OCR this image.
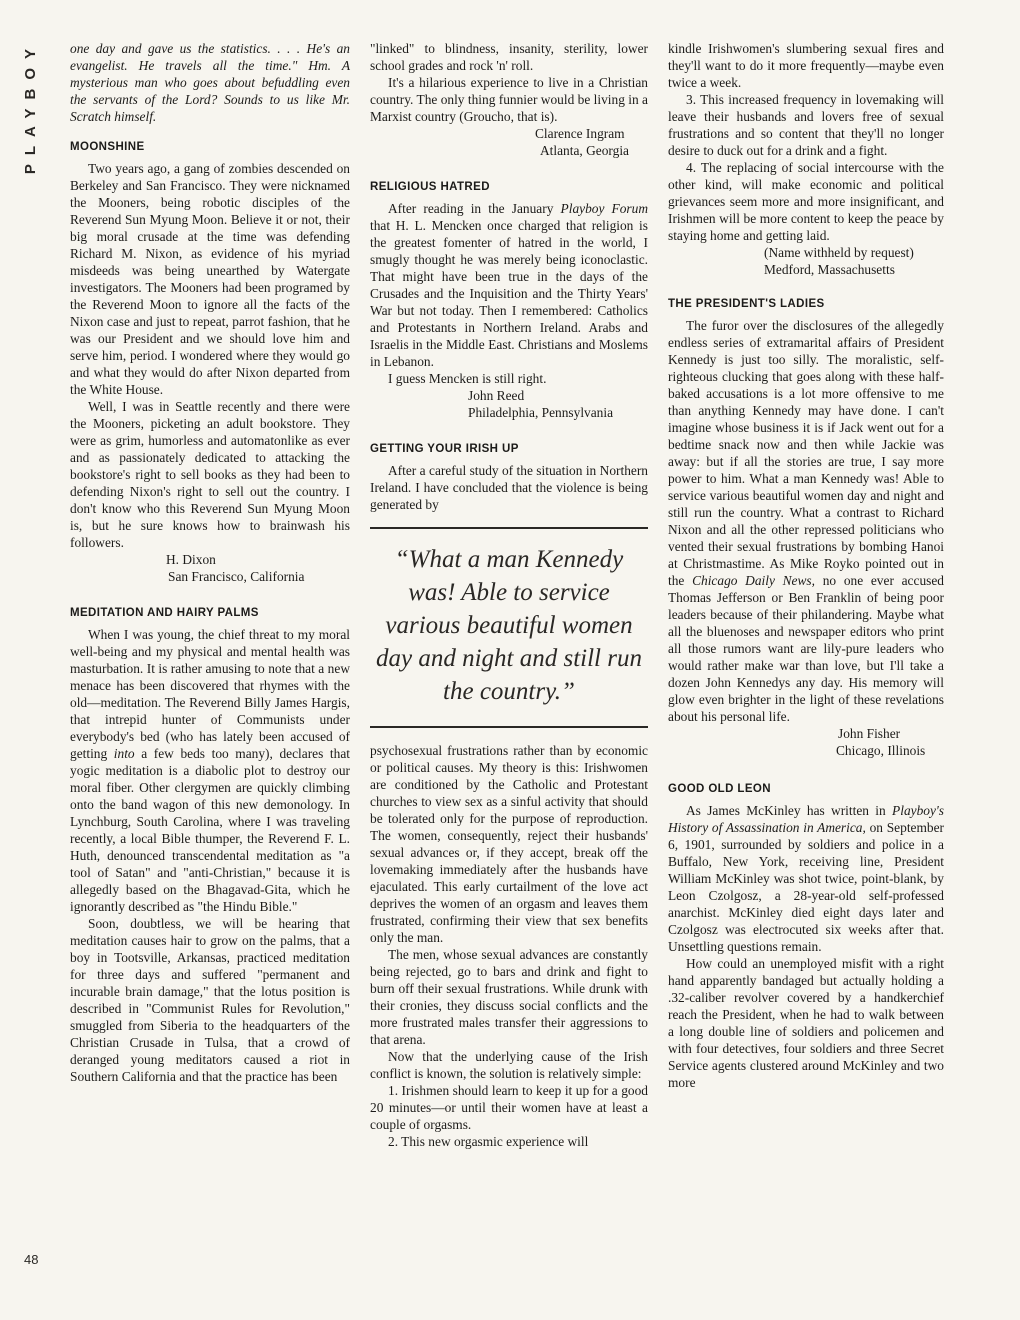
PLAYBOY
48

one day and gave us the statistics. . . . He's an evangelist. He travels all the time." Hm. A mysterious man who goes about befuddling even the servants of the Lord? Sounds to us like Mr. Scratch himself.

MOONSHINE

Two years ago, a gang of zombies descended on Berkeley and San Francisco. They were nicknamed the Mooners, being robotic disciples of the Reverend Sun Myung Moon. Believe it or not, their big moral crusade at the time was defending Richard M. Nixon, as evidence of his myriad misdeeds was being unearthed by Watergate investigators. The Mooners had been programed by the Reverend Moon to ignore all the facts of the Nixon case and just to repeat, parrot fashion, that he was our President and we should love him and serve him, period. I wondered where they would go and what they would do after Nixon departed from the White House.

Well, I was in Seattle recently and there were the Mooners, picketing an adult bookstore. They were as grim, humorless and automatonlike as ever and as passionately dedicated to attacking the bookstore's right to sell books as they had been to defending Nixon's right to sell out the country. I don't know who this Reverend Sun Myung Moon is, but he sure knows how to brainwash his followers.

H. Dixon
San Francisco, California
MEDITATION AND HAIRY PALMS

When I was young, the chief threat to my moral well-being and my physical and mental health was masturbation. It is rather amusing to note that a new menace has been discovered that rhymes with the old—meditation. The Reverend Billy James Hargis, that intrepid hunter of Communists under everybody's bed (who has lately been accused of getting into a few beds too many), declares that yogic meditation is a diabolic plot to destroy our moral fiber. Other clergymen are quickly climbing onto the band wagon of this new demonology. In Lynchburg, South Carolina, where I was traveling recently, a local Bible thumper, the Reverend F. L. Huth, denounced transcendental meditation as "a tool of Satan" and "anti-Christian," because it is allegedly based on the Bhagavad-Gita, which he ignorantly described as "the Hindu Bible."

Soon, doubtless, we will be hearing that meditation causes hair to grow on the palms, that a boy in Tootsville, Arkansas, practiced meditation for three days and suffered "permanent and incurable brain damage," that the lotus position is described in "Communist Rules for Revolution," smuggled from Siberia to the headquarters of the Christian Crusade in Tulsa, that a crowd of deranged young meditators caused a riot in Southern California and that the practice has been

"linked" to blindness, insanity, sterility, lower school grades and rock 'n' roll.

It's a hilarious experience to live in a Christian country. The only thing funnier would be living in a Marxist country (Groucho, that is).

Clarence Ingram
Atlanta, Georgia
RELIGIOUS HATRED

After reading in the January Playboy Forum that H. L. Mencken once charged that religion is the greatest fomenter of hatred in the world, I smugly thought he was merely being iconoclastic. That might have been true in the days of the Crusades and the Inquisition and the Thirty Years' War but not today. Then I remembered: Catholics and Protestants in Northern Ireland. Arabs and Israelis in the Middle East. Christians and Moslems in Lebanon.

I guess Mencken is still right.

John Reed
Philadelphia, Pennsylvania
GETTING YOUR IRISH UP

After a careful study of the situation in Northern Ireland. I have concluded that the violence is being generated by

“What a man Kennedy was! Able to service various beautiful women day and night and still run the country.”

psychosexual frustrations rather than by economic or political causes. My theory is this: Irishwomen are conditioned by the Catholic and Protestant churches to view sex as a sinful activity that should be tolerated only for the purpose of reproduction. The women, consequently, reject their husbands' sexual advances or, if they accept, break off the lovemaking immediately after the husbands have ejaculated. This early curtailment of the love act deprives the women of an orgasm and leaves them frustrated, confirming their view that sex benefits only the man.

The men, whose sexual advances are constantly being rejected, go to bars and drink and fight to burn off their sexual frustrations. While drunk with their cronies, they discuss social conflicts and the more frustrated males transfer their aggressions to that arena.

Now that the underlying cause of the Irish conflict is known, the solution is relatively simple:

1. Irishmen should learn to keep it up for a good 20 minutes—or until their women have at least a couple of orgasms.

2. This new orgasmic experience will

kindle Irishwomen's slumbering sexual fires and they'll want to do it more frequently—maybe even twice a week.

3. This increased frequency in lovemaking will leave their husbands and lovers free of sexual frustrations and so content that they'll no longer desire to duck out for a drink and a fight.

4. The replacing of social intercourse with the other kind, will make economic and political grievances seem more and more insignificant, and Irishmen will be more content to keep the peace by staying home and getting laid.

(Name withheld by request)
Medford, Massachusetts
THE PRESIDENT'S LADIES

The furor over the disclosures of the allegedly endless series of extramarital affairs of President Kennedy is just too silly. The moralistic, self-righteous clucking that goes along with these half-baked accusations is a lot more offensive to me than anything Kennedy may have done. I can't imagine whose business it is if Jack went out for a bedtime snack now and then while Jackie was away: but if all the stories are true, I say more power to him. What a man Kennedy was! Able to service various beautiful women day and night and still run the country. What a contrast to Richard Nixon and all the other repressed politicians who vented their sexual frustrations by bombing Hanoi at Christmastime. As Mike Royko pointed out in the Chicago Daily News, no one ever accused Thomas Jefferson or Ben Franklin of being poor leaders because of their philandering. Maybe what all the bluenoses and newspaper editors who print all those rumors want are lily-pure leaders who would rather make war than love, but I'll take a dozen John Kennedys any day. His memory will glow even brighter in the light of these revelations about his personal life.

John Fisher
Chicago, Illinois
GOOD OLD LEON

As James McKinley has written in Playboy's History of Assassination in America, on September 6, 1901, surrounded by soldiers and police in a Buffalo, New York, receiving line, President William McKinley was shot twice, point-blank, by Leon Czolgosz, a 28-year-old self-professed anarchist. McKinley died eight days later and Czolgosz was electrocuted six weeks after that. Unsettling questions remain.

How could an unemployed misfit with a right hand apparently bandaged but actually holding a .32-caliber revolver covered by a handkerchief reach the President, when he had to walk between a long double line of soldiers and policemen and with four detectives, four soldiers and three Secret Service agents clustered around McKinley and two more
